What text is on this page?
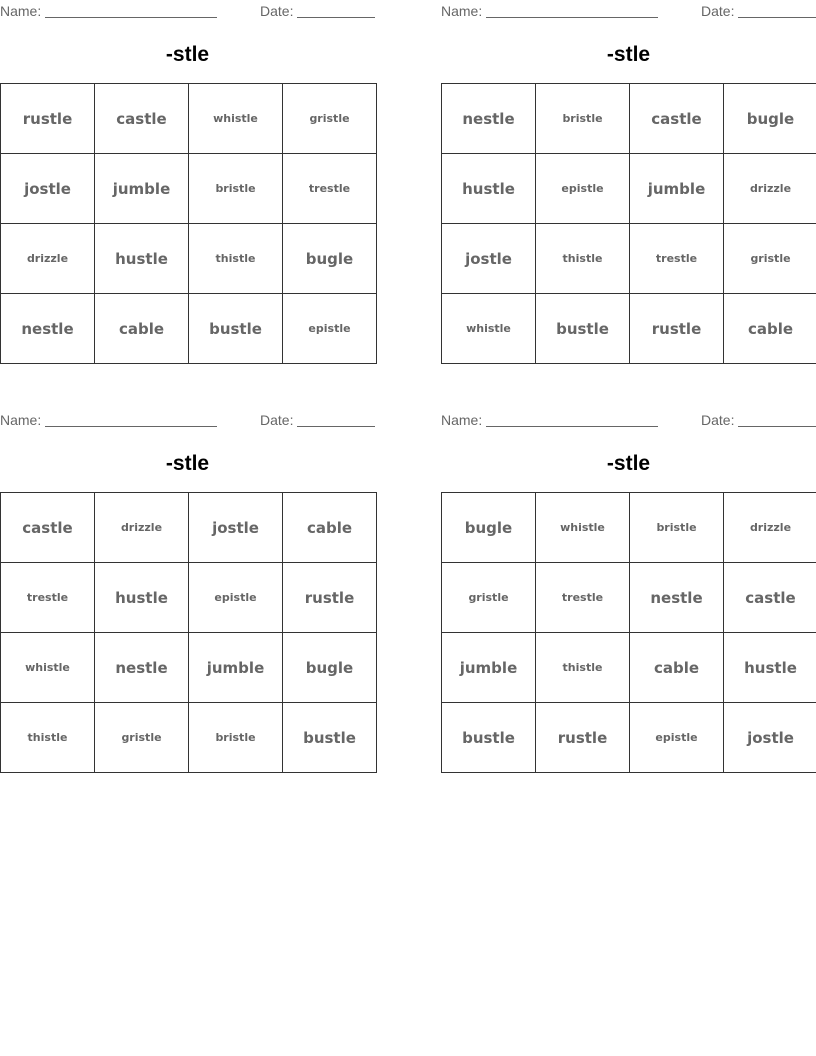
Name:	Date:
-stle
rustle	castle	whistle	gristle
jostle	jumble	bristle	trestle
drizzle	hustle	thistle	bugle
nestle	cable	bustle	epistle
Name:	Date:
-stle
nestle	bristle	castle	bugle
hustle	epistle	jumble	drizzle
jostle	thistle	trestle	gristle
whistle	bustle	rustle	cable
Name:	Date:
-stle
castle	drizzle	jostle	cable
trestle	hustle	epistle	rustle
whistle	nestle	jumble	bugle
thistle	gristle	bristle	bustle
Name:	Date:
-stle
bugle	whistle	bristle	drizzle
gristle	trestle	nestle	castle
jumble	thistle	cable	hustle
bustle	rustle	epistle	jostle
